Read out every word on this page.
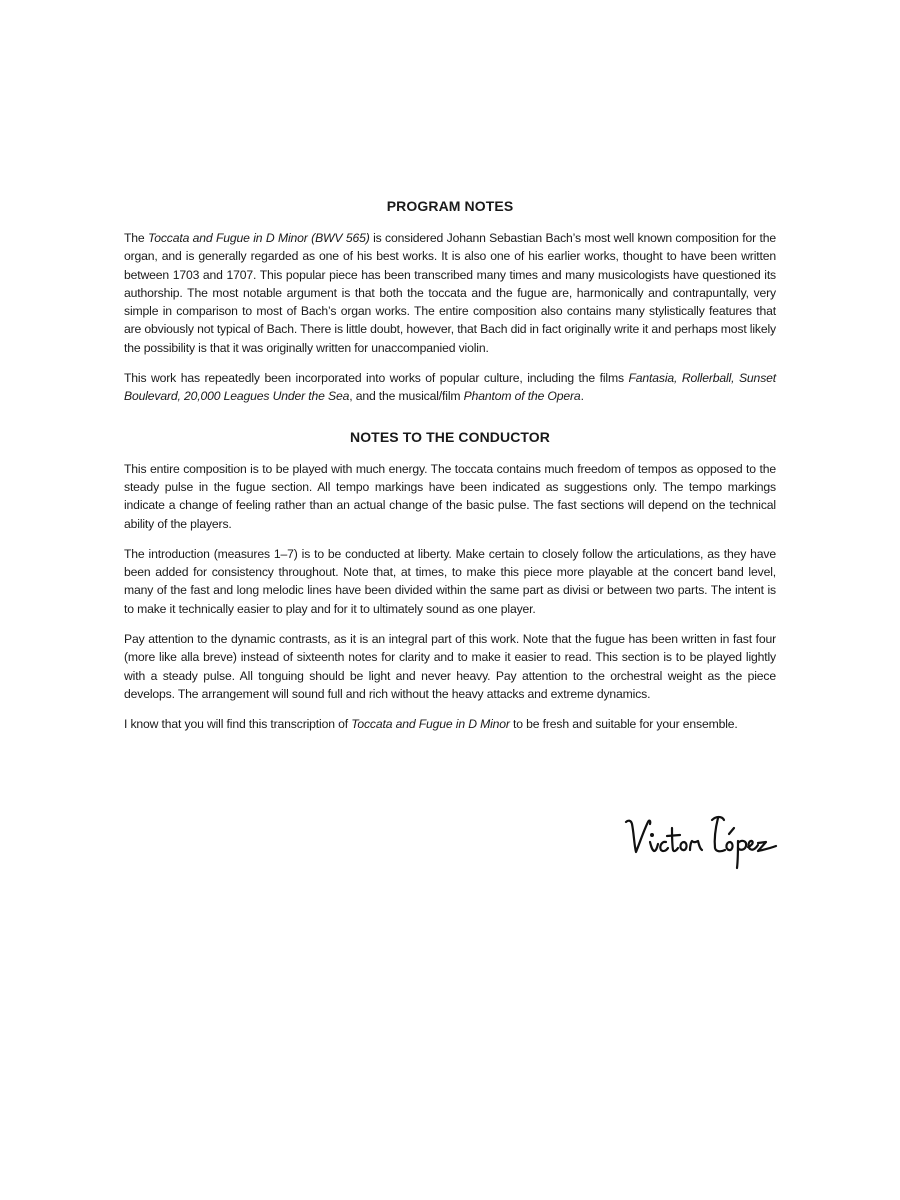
PROGRAM NOTES

The Toccata and Fugue in D Minor (BWV 565) is considered Johann Sebastian Bach’s most well known composition for the organ, and is generally regarded as one of his best works. It is also one of his earlier works, thought to have been written between 1703 and 1707. This popular piece has been transcribed many times and many musicologists have questioned its authorship. The most notable argument is that both the toccata and the fugue are, harmonically and contrapuntally, very simple in comparison to most of Bach’s organ works. The entire composition also contains many stylistically features that are obviously not typical of Bach. There is little doubt, however, that Bach did in fact originally write it and perhaps most likely the possibility is that it was originally written for unaccompanied violin.

This work has repeatedly been incorporated into works of popular culture, including the films Fantasia, Rollerball, Sunset Boulevard, 20,000 Leagues Under the Sea, and the musical/film Phantom of the Opera.

NOTES TO THE CONDUCTOR

This entire composition is to be played with much energy. The toccata contains much freedom of tempos as opposed to the steady pulse in the fugue section. All tempo markings have been indicated as suggestions only. The tempo markings indicate a change of feeling rather than an actual change of the basic pulse. The fast sections will depend on the technical ability of the players.

The introduction (measures 1–7) is to be conducted at liberty. Make certain to closely follow the articulations, as they have been added for consistency throughout. Note that, at times, to make this piece more playable at the concert band level, many of the fast and long melodic lines have been divided within the same part as divisi or between two parts. The intent is to make it technically easier to play and for it to ultimately sound as one player.

Pay attention to the dynamic contrasts, as it is an integral part of this work. Note that the fugue has been written in fast four (more like alla breve) instead of sixteenth notes for clarity and to make it easier to read. This section is to be played lightly with a steady pulse. All tonguing should be light and never heavy. Pay attention to the orchestral weight as the piece develops. The arrangement will sound full and rich without the heavy attacks and extreme dynamics.

I know that you will find this transcription of Toccata and Fugue in D Minor to be fresh and suitable for your ensemble.
